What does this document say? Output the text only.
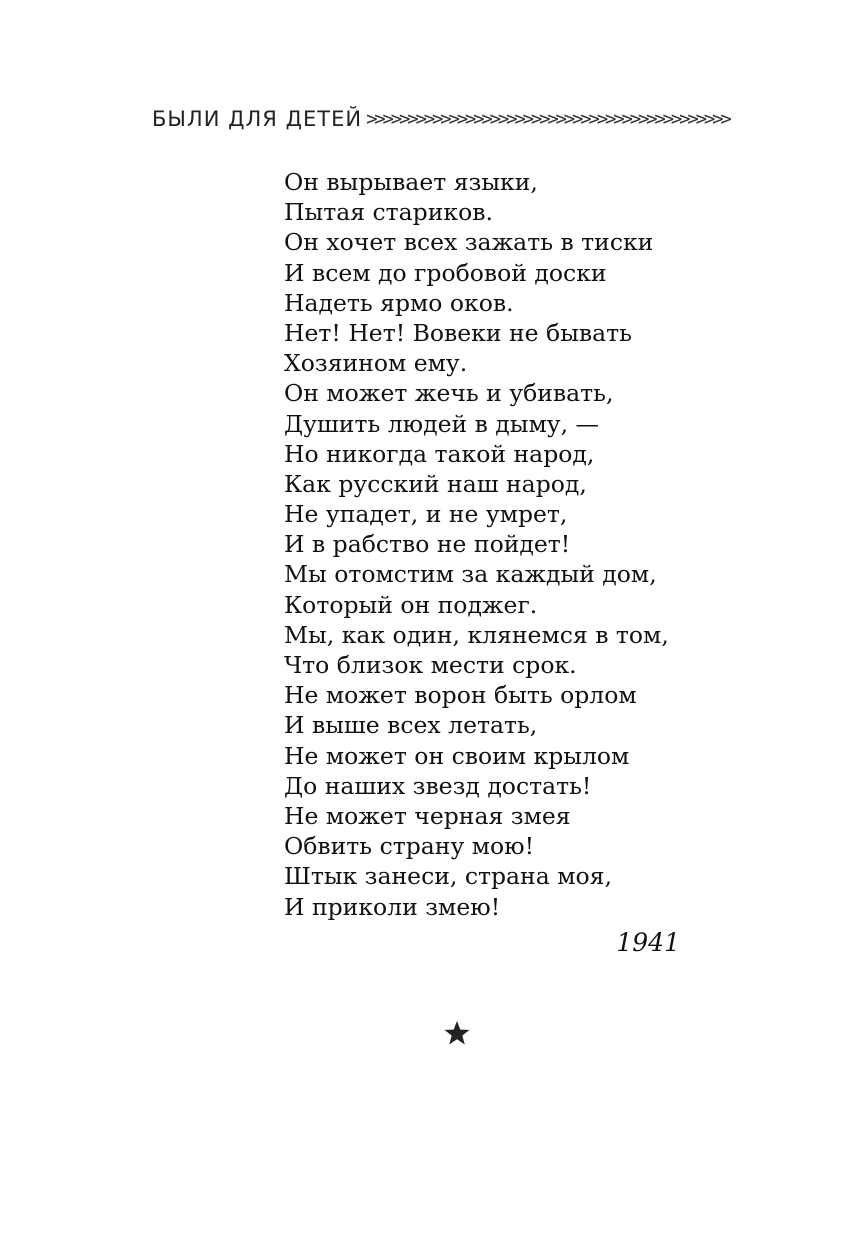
БЫЛИ ДЛЯ ДЕТЕЙ >>>>>>>>>>>>>>>>>>>>>>>>>>>>>>>>>>>>>>>>>>>>
Он вырывает языки,
Пытая стариков.
Он хочет всех зажать в тиски
И всем до гробовой доски
Надеть ярмо оков.
Нет! Нет! Вовеки не бывать
Хозяином ему.
Он может жечь и убивать,
Душить людей в дыму, —
Но никогда такой народ,
Как русский наш народ,
Не упадет, и не умрет,
И в рабство не пойдет!
Мы отомстим за каждый дом,
Который он поджег.
Мы, как один, клянемся в том,
Что близок мести срок.
Не может ворон быть орлом
И выше всех летать,
Не может он своим крылом
До наших звезд достать!
Не может черная змея
Обвить страну мою!
Штык занеси, страна моя,
И приколи змею!
1941
